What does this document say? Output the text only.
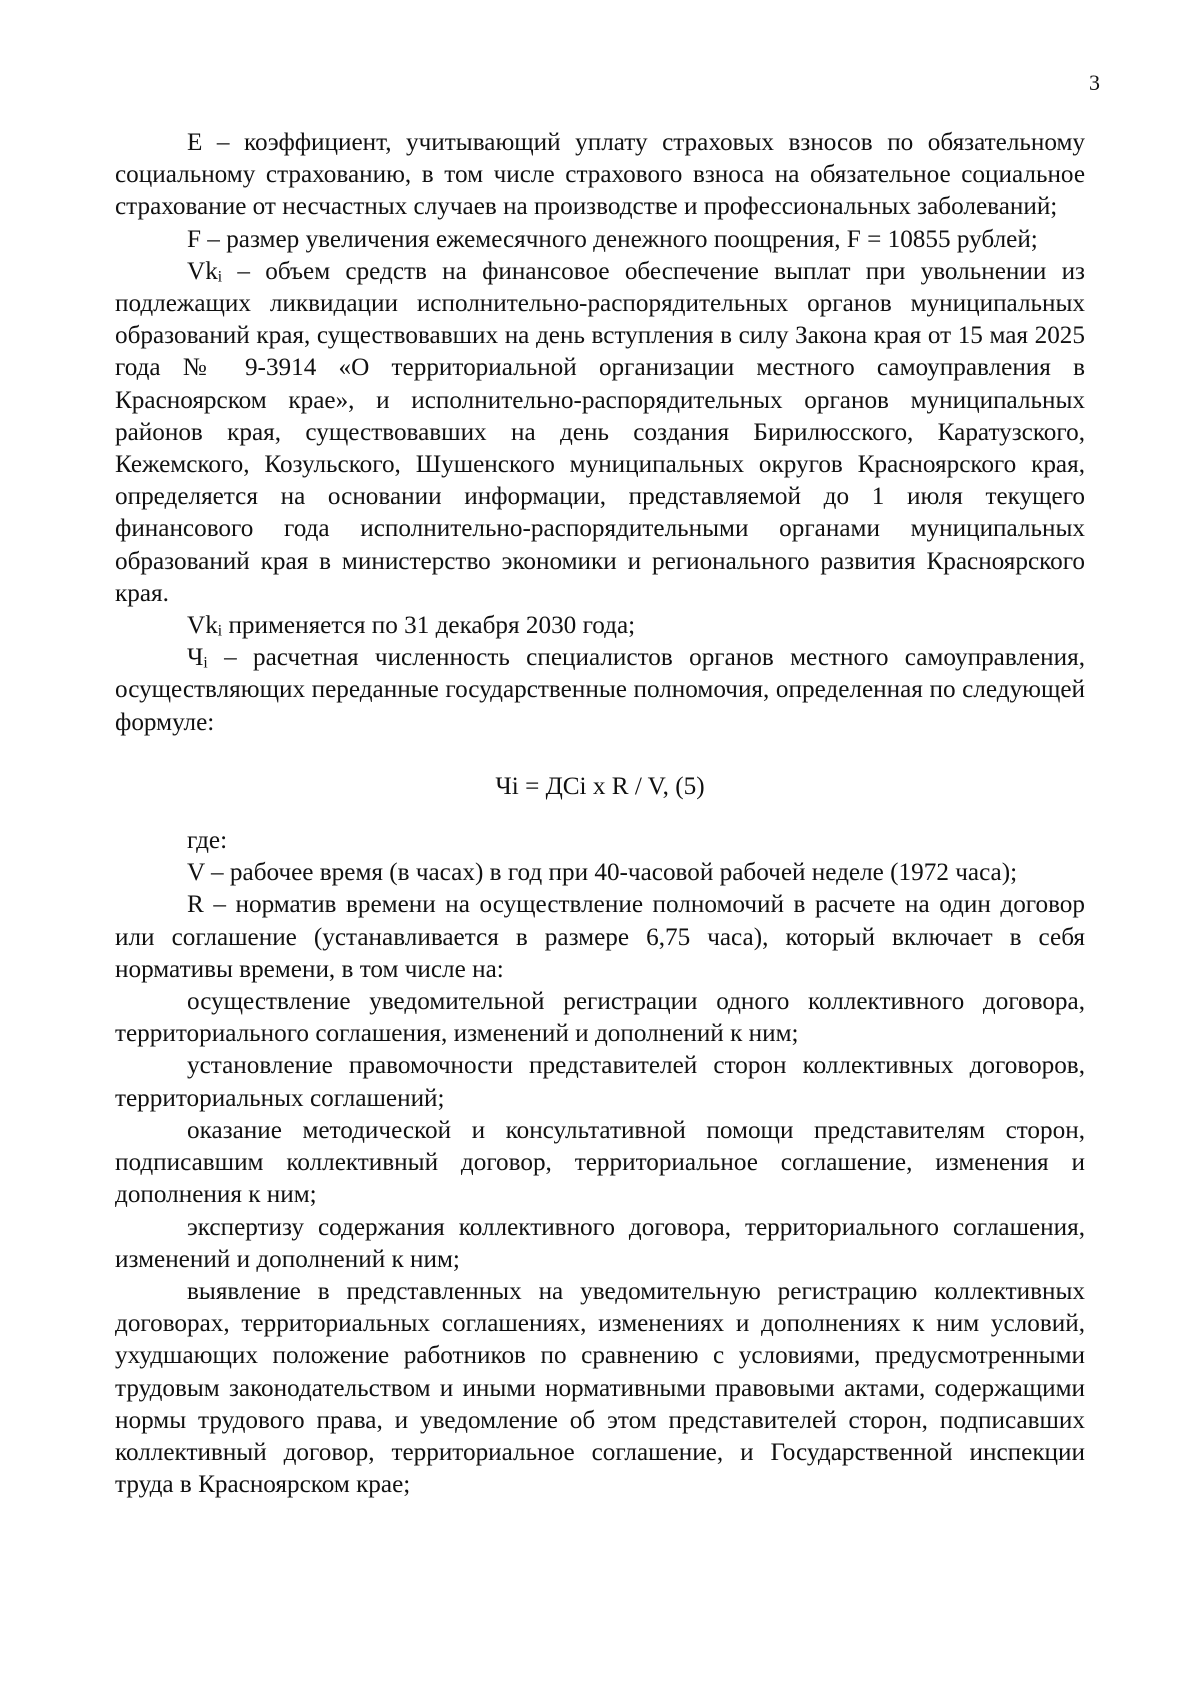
3

E – коэффициент, учитывающий уплату страховых взносов по обязательному социальному страхованию, в том числе страхового взноса на обязательное социальное страхование от несчастных случаев на производстве и профессиональных заболеваний;

F – размер увеличения ежемесячного денежного поощрения, F = 10855 рублей;

$Vk_i$ – объем средств на финансовое обеспечение выплат при увольнении из подлежащих ликвидации исполнительно-распорядительных органов муниципальных образований края, существовавших на день вступления в силу Закона края от 15 мая 2025 года № 9-3914 «О территориальной организации местного самоуправления в Красноярском крае», и исполнительно-распорядительных органов муниципальных районов края, существовавших на день создания Бирилюсского, Каратузского, Кежемского, Козульского, Шушенского муниципальных округов Красноярского края, определяется на основании информации, представляемой до 1 июля текущего финансового года исполнительно-распорядительными органами муниципальных образований края в министерство экономики и регионального развития Красноярского края.

$Vk_i$ применяется по 31 декабря 2030 года;

$Ч_i$ – расчетная численность специалистов органов местного самоуправления, осуществляющих переданные государственные полномочия, определенная по следующей формуле:

Чi = ДCi x R / V, (5)

где:

V – рабочее время (в часах) в год при 40-часовой рабочей неделе (1972 часа);

R – норматив времени на осуществление полномочий в расчете на один договор или соглашение (устанавливается в размере 6,75 часа), который включает в себя нормативы времени, в том числе на:

осуществление уведомительной регистрации одного коллективного договора, территориального соглашения, изменений и дополнений к ним;

установление правомочности представителей сторон коллективных договоров, территориальных соглашений;

оказание методической и консультативной помощи представителям сторон, подписавшим коллективный договор, территориальное соглашение, изменения и дополнения к ним;

экспертизу содержания коллективного договора, территориального соглашения, изменений и дополнений к ним;

выявление в представленных на уведомительную регистрацию коллективных договорах, территориальных соглашениях, изменениях и дополнениях к ним условий, ухудшающих положение работников по сравнению с условиями, предусмотренными трудовым законодательством и иными нормативными правовыми актами, содержащими нормы трудового права, и уведомление об этом представителей сторон, подписавших коллективный договор, территориальное соглашение, и Государственной инспекции труда в Красноярском крае;
